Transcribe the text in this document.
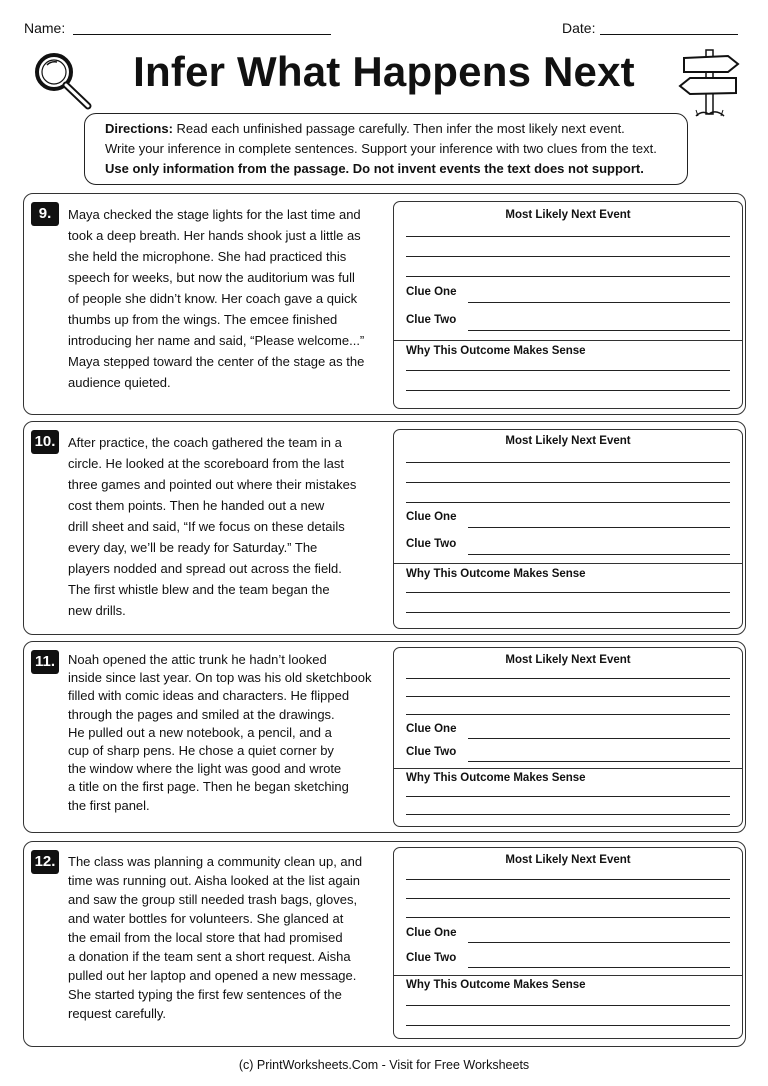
Name:	Date:
Infer What Happens Next
Directions: Read each unfinished passage carefully. Then infer the most likely next event.
Write your inference in complete sentences. Support your inference with two clues from the text.
Use only information from the passage. Do not invent events the text does not support.
9.	Maya checked the stage lights for the last time and
took a deep breath. Her hands shook just a little as
she held the microphone. She had practiced this
speech for weeks, but now the auditorium was full
of people she didn’t know. Her coach gave a quick
thumbs up from the wings. The emcee finished
introducing her name and said, “Please welcome...”
Maya stepped toward the center of the stage as the
audience quieted.
Most Likely Next Event
Clue One
Clue Two
Why This Outcome Makes Sense
10. After practice, the coach gathered the team in a
circle. He looked at the scoreboard from the last
three games and pointed out where their mistakes
cost them points. Then he handed out a new
drill sheet and said, “If we focus on these details
every day, we’ll be ready for Saturday.” The
players nodded and spread out across the field.
The first whistle blew and the team began the
new drills.
Most Likely Next Event
Clue One
Clue Two
Why This Outcome Makes Sense
11. Noah opened the attic trunk he hadn’t looked
inside since last year. On top was his old sketchbook
filled with comic ideas and characters. He flipped
through the pages and smiled at the drawings.
He pulled out a new notebook, a pencil, and a
cup of sharp pens. He chose a quiet corner by
the window where the light was good and wrote
a title on the first page. Then he began sketching
the first panel.
Most Likely Next Event
Clue One
Clue Two
Why This Outcome Makes Sense
12. The class was planning a community clean up, and
time was running out. Aisha looked at the list again
and saw the group still needed trash bags, gloves,
and water bottles for volunteers. She glanced at
the email from the local store that had promised
a donation if the team sent a short request. Aisha
pulled out her laptop and opened a new message.
She started typing the first few sentences of the
request carefully.
Most Likely Next Event
Clue One
Clue Two
Why This Outcome Makes Sense
(c) PrintWorksheets.Com - Visit for Free Worksheets
